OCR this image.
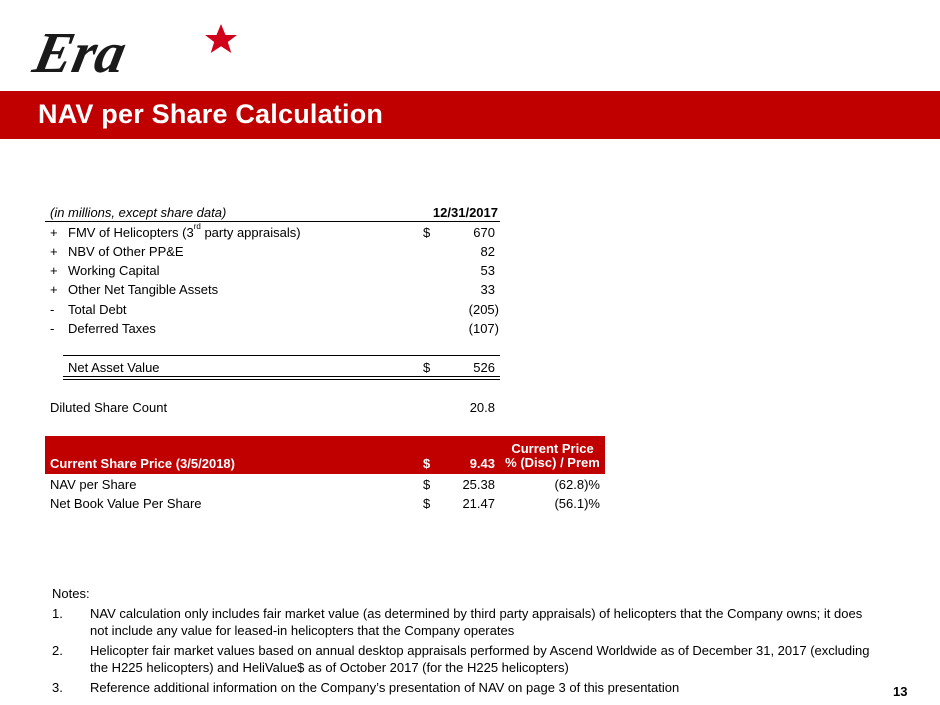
Era
NAV per Share Calculation
(in millions, except share data)	12/31/2017
+ FMV of Helicopters (3rd party appraisals)	$	670
+ NBV of Other PP&E	82
+ Working Capital	53
+ Other Net Tangible Assets	33
-	Total Debt	(205)
-	Deferred Taxes	(107)
Net Asset Value	$	526
Diluted Share Count	20.8
Current Share Price (3/5/2018)	$	9.43
Current Price
% (Disc) / Prem
NAV per Share	$	25.38	(62.8)%
Net Book Value Per Share	$	21.47	(56.1)%
Notes:
1. NAV calculation only includes fair market value (as determined by third party appraisals) of helicopters that the Company owns; it does not include any value for leased-in helicopters that the Company operates
2. Helicopter fair market values based on annual desktop appraisals performed by Ascend Worldwide as of December 31, 2017 (excluding the H225 helicopters) and HeliValue$ as of October 2017 (for the H225 helicopters)
3. Reference additional information on the Company’s presentation of NAV on page 3 of this presentation	13
